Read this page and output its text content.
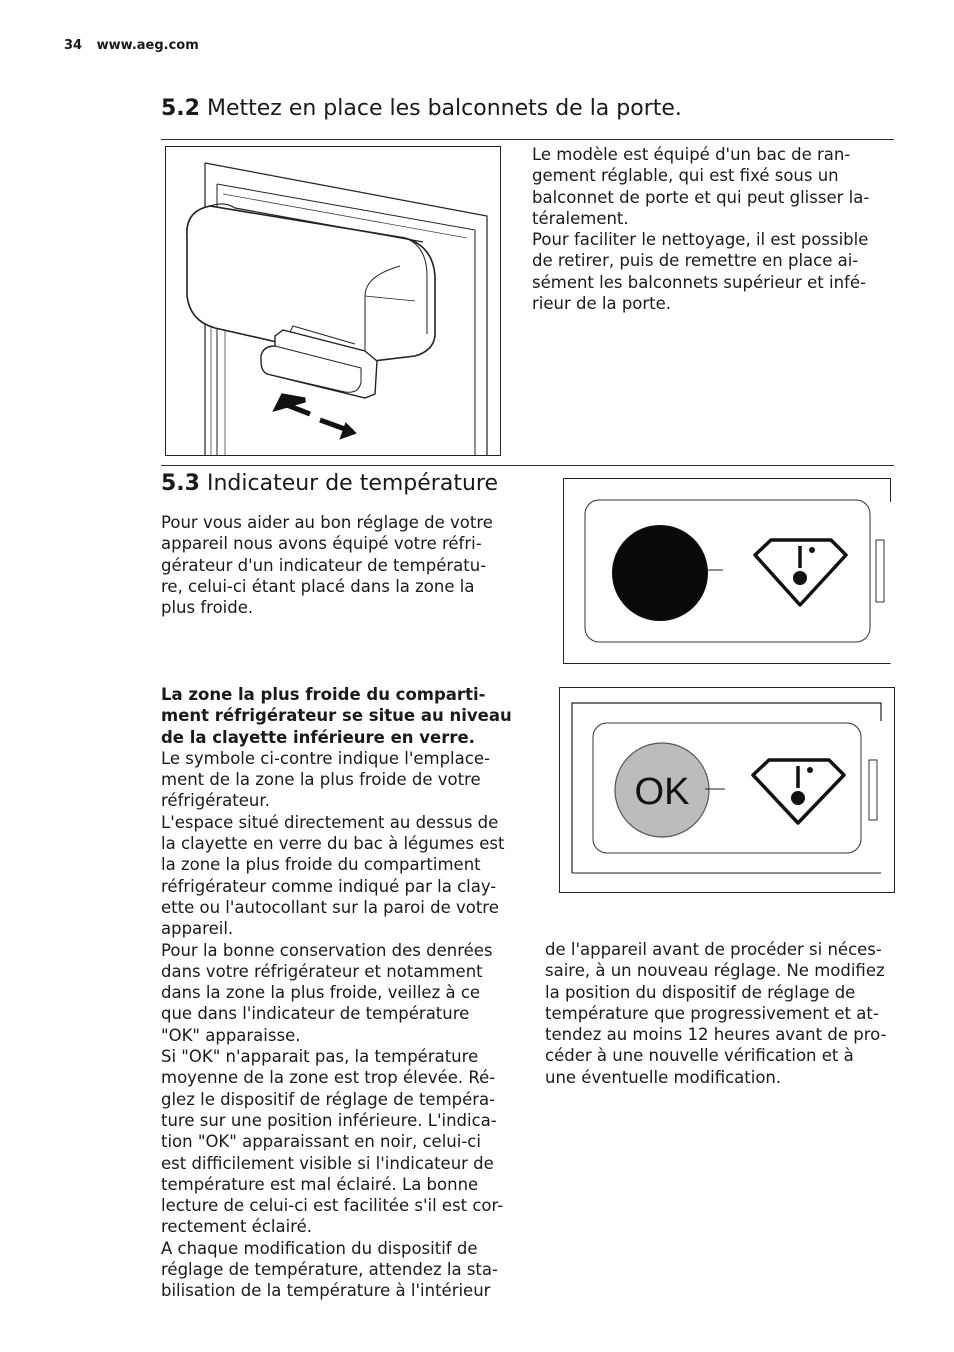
34 www.aeg.com
5.2 Mettez en place les balconnets de la porte.

Le modèle est équipé d'un bac de ran-

gement réglable, qui est fixé sous un

balconnet de porte et qui peut glisser la-

téralement.

Pour faciliter le nettoyage, il est possible

de retirer, puis de remettre en place ai-

sément les balconnets supérieur et infé-

rieur de la porte.

5.3 Indicateur de température

Pour vous aider au bon réglage de votre

appareil nous avons équipé votre réfri-

gérateur d'un indicateur de températu-

re, celui-ci étant placé dans la zone la

plus froide.

La zone la plus froide du comparti-

ment réfrigérateur se situe au niveau

de la clayette inférieure en verre.

Le symbole ci-contre indique l'emplace-

ment de la zone la plus froide de votre

réfrigérateur.

L'espace situé directement au dessus de

la clayette en verre du bac à légumes est

la zone la plus froide du compartiment

réfrigérateur comme indiqué par la clay-

ette ou l'autocollant sur la paroi de votre

appareil.

Pour la bonne conservation des denrées

dans votre réfrigérateur et notamment

dans la zone la plus froide, veillez à ce

que dans l'indicateur de température

"OK" apparaisse.

Si "OK" n'apparait pas, la température

moyenne de la zone est trop élevée. Ré-

glez le dispositif de réglage de tempéra-

ture sur une position inférieure. L'indica-

tion "OK" apparaissant en noir, celui-ci

est difficilement visible si l'indicateur de

température est mal éclairé. La bonne

lecture de celui-ci est facilitée s'il est cor-

rectement éclairé.

A chaque modification du dispositif de

réglage de température, attendez la sta-

bilisation de la température à l'intérieur

OK

de l'appareil avant de procéder si néces-

saire, à un nouveau réglage. Ne modifiez

la position du dispositif de réglage de

température que progressivement et at-

tendez au moins 12 heures avant de pro-

céder à une nouvelle vérification et à

une éventuelle modification.
